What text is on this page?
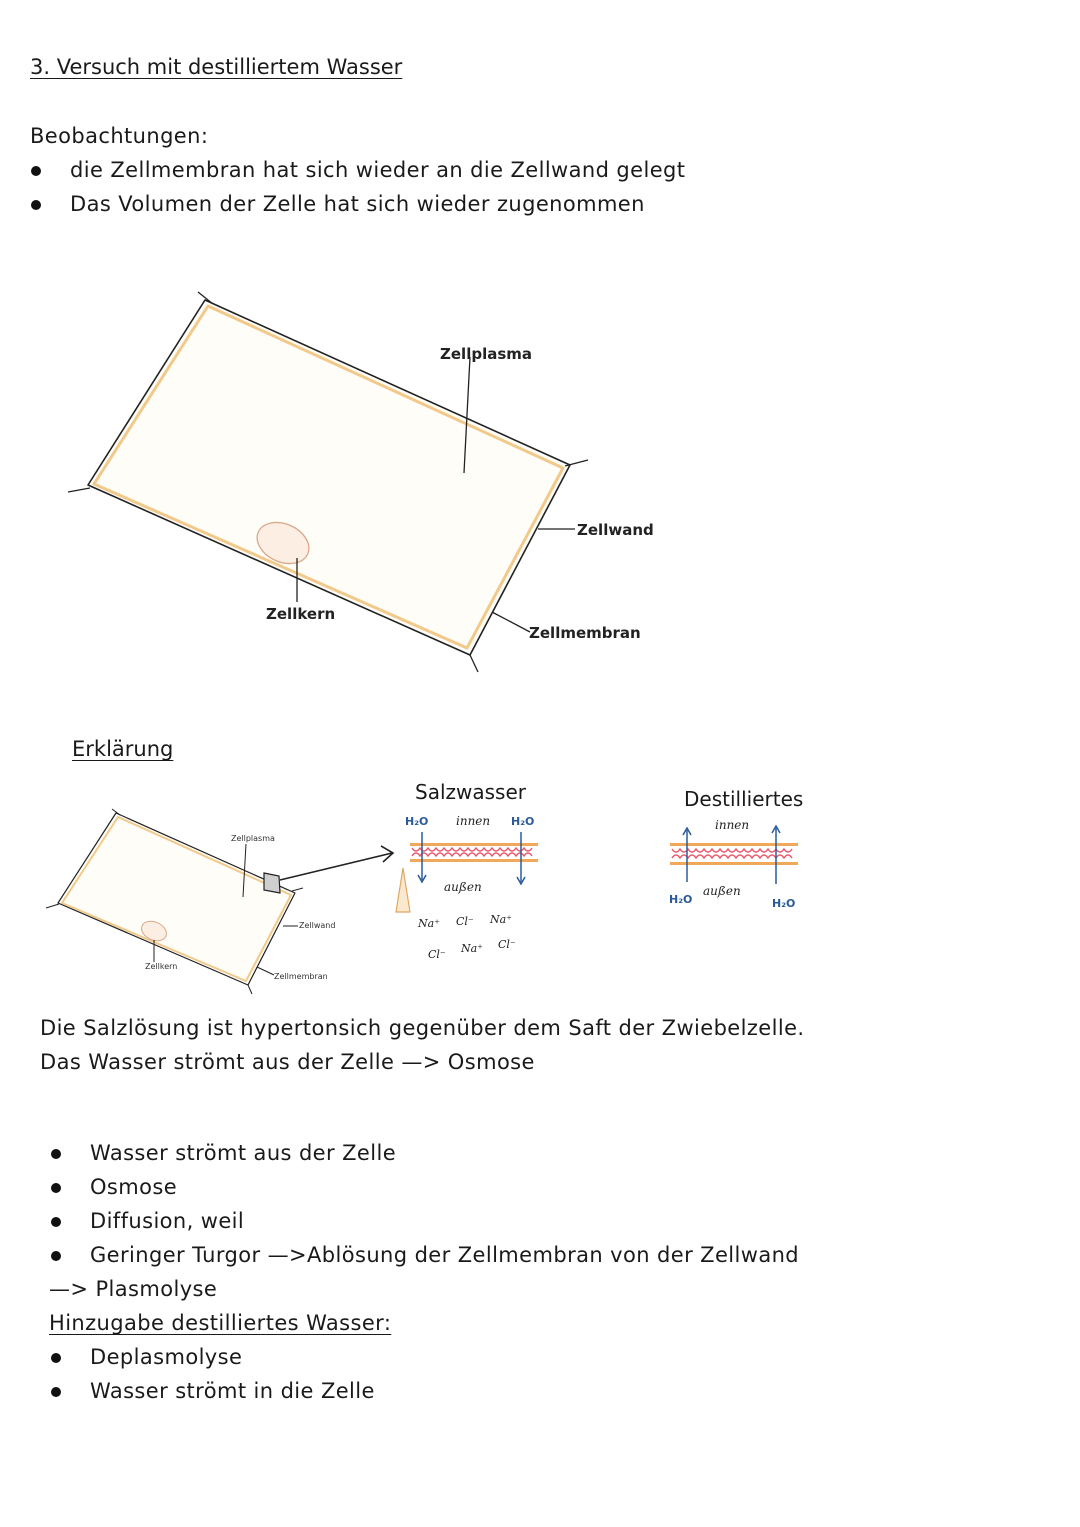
3. Versuch mit destilliertem Wasser
Beobachtungen:
die Zellmembran hat sich wieder an die Zellwand gelegt
Das Volumen der Zelle hat sich wieder zugenommen
Zellplasma
Zellwand
Zellkern
Zellmembran
Erklärung
Zellplasma
Zellwand
Zellkern
Zellmembran
Salzwasser
H₂O innen H₂O
außen
Na⁺ Cl⁻ Na⁺
Cl⁻ Na⁺ Cl⁻
Destilliertes
innen
außen
H₂O	H₂O
Die Salzlösung ist hypertonsich gegenüber dem Saft der Zwiebelzelle.
Das Wasser strömt aus der Zelle —> Osmose
Wasser strömt aus der Zelle
Osmose
Diffusion, weil
Geringer Turgor —>Ablösung der Zellmembran von der Zellwand
—> Plasmolyse
Hinzugabe destilliertes Wasser:
Deplasmolyse
Wasser strömt in die Zelle
